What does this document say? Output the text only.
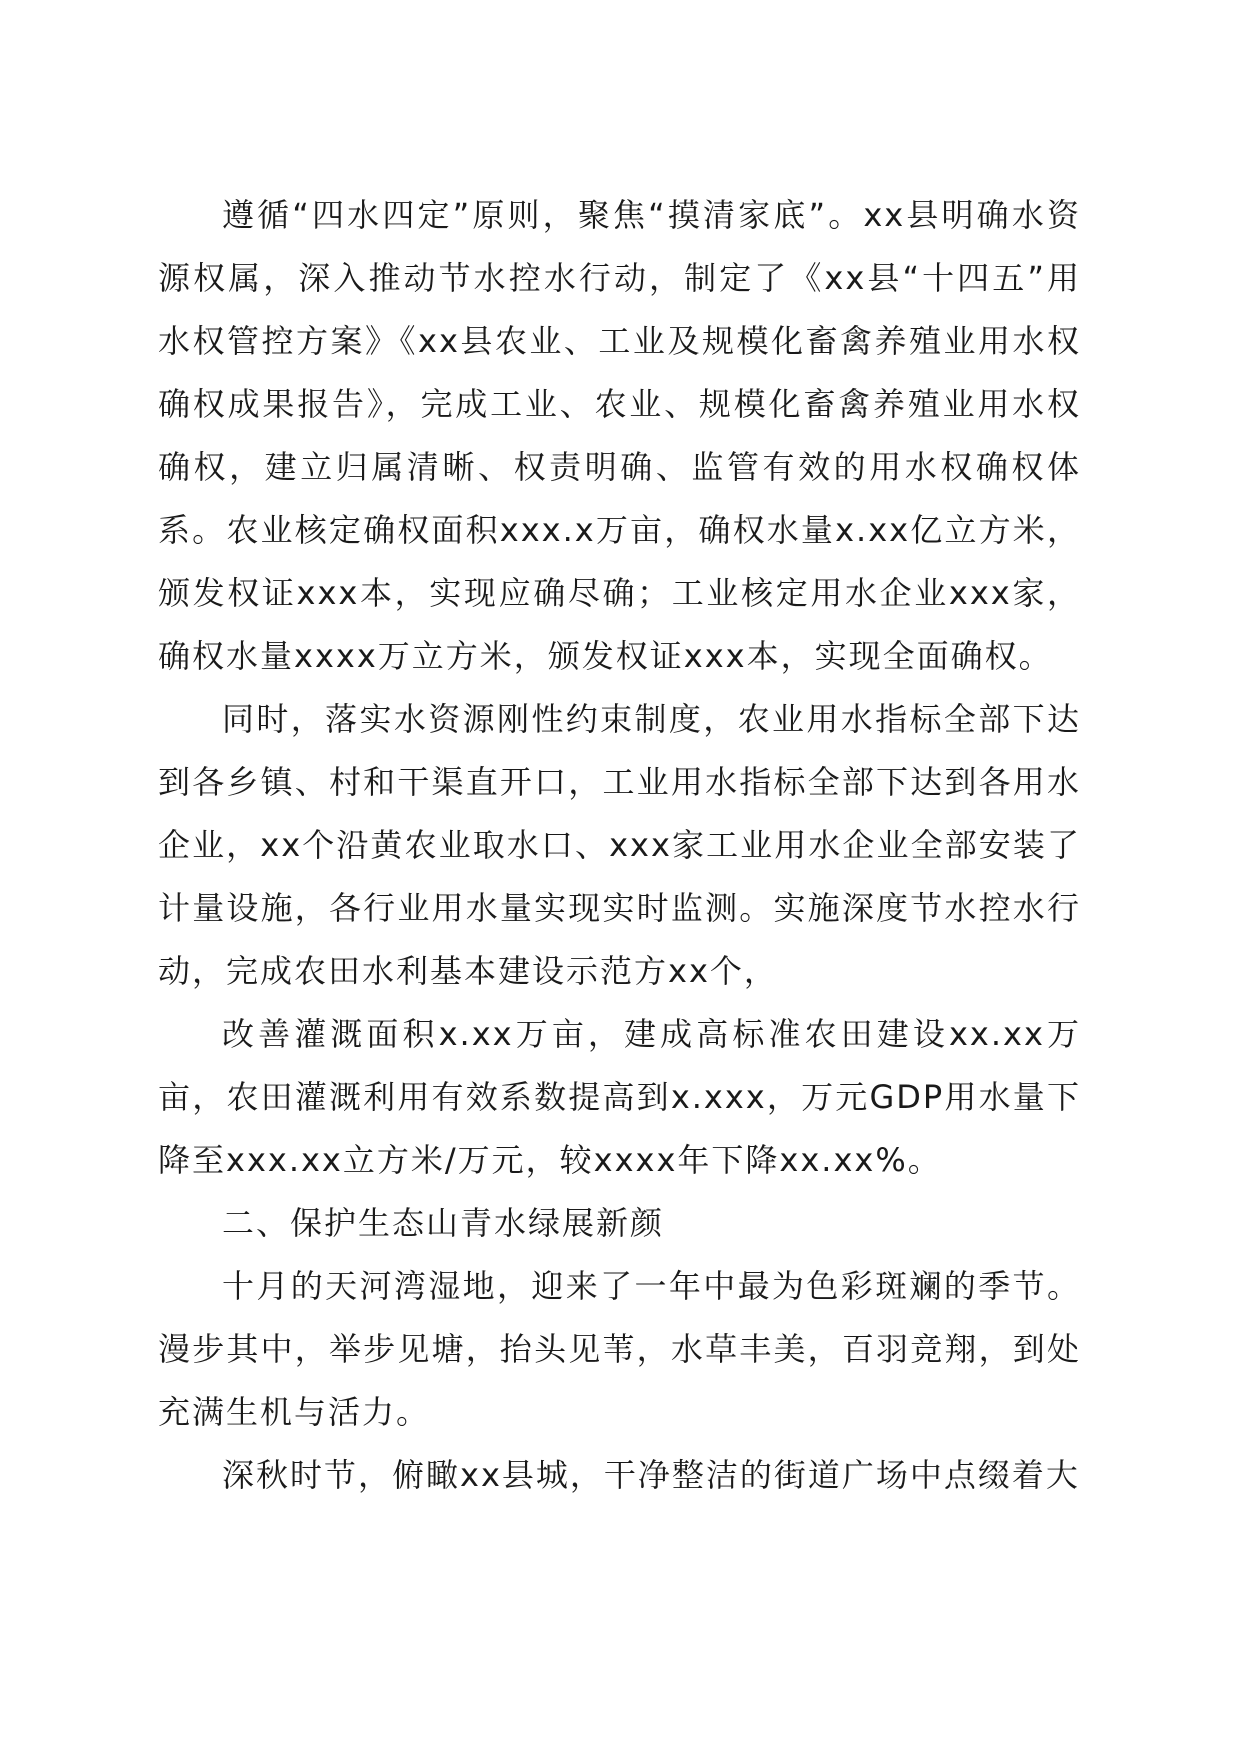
遵循“四水四定”原则，聚焦“摸清家底”。xx县明确水资源权属，深入推动节水控水行动，制定了《xx县“十四五”用水权管控方案》《xx县农业、工业及规模化畜禽养殖业用水权确权成果报告》，完成工业、农业、规模化畜禽养殖业用水权确权，建立归属清晰、权责明确、监管有效的用水权确权体系。农业核定确权面积xxx.x万亩，确权水量x.xx亿立方米，颁发权证xxx本，实现应确尽确；工业核定用水企业xxx家，确权水量xxxx万立方米，颁发权证xxx本，实现全面确权。

同时，落实水资源刚性约束制度，农业用水指标全部下达到各乡镇、村和干渠直开口，工业用水指标全部下达到各用水企业，xx个沿黄农业取水口、xxx家工业用水企业全部安装了计量设施，各行业用水量实现实时监测。实施深度节水控水行动，完成农田水利基本建设示范方xx个，

改善灌溉面积x.xx万亩，建成高标准农田建设xx.xx万亩，农田灌溉利用有效系数提高到x.xxx，万元GDP用水量下降至xxx.xx立方米/万元，较xxxx年下降xx.xx%。

二、保护生态山青水绿展新颜

十月的天河湾湿地，迎来了一年中最为色彩斑斓的季节。漫步其中，举步见塘，抬头见苇，水草丰美，百羽竞翔，到处充满生机与活力。

深秋时节，俯瞰xx县城，干净整洁的街道广场中点缀着大
